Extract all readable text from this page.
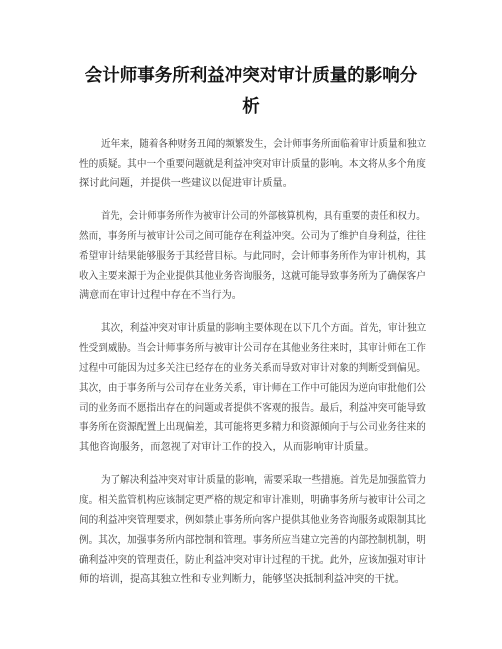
会计师事务所利益冲突对审计质量的影响分
析

近年来，随着各种财务丑闻的频繁发生，会计师事务所面临着审计质量和独立

性的质疑。其中一个重要问题就是利益冲突对审计质量的影响。本文将从多个角度

探讨此问题，并提供一些建议以促进审计质量。

首先，会计师事务所作为被审计公司的外部核算机构，具有重要的责任和权力。

然而，事务所与被审计公司之间可能存在利益冲突。公司为了维护自身利益，往往

希望审计结果能够服务于其经营目标。与此同时，会计师事务所作为审计机构，其

收入主要来源于为企业提供其他业务咨询服务，这就可能导致事务所为了确保客户

满意而在审计过程中存在不当行为。

其次，利益冲突对审计质量的影响主要体现在以下几个方面。首先，审计独立

性受到威胁。当会计师事务所与被审计公司存在其他业务往来时，其审计师在工作

过程中可能因为过多关注已经存在的业务关系而导致对审计对象的判断受到偏见。

其次，由于事务所与公司存在业务关系，审计师在工作中可能因为逆向审批他们公

司的业务而不愿指出存在的问题或者提供不客观的报告。最后，利益冲突可能导致

事务所在资源配置上出现偏差，其可能将更多精力和资源倾向于与公司业务往来的

其他咨询服务，而忽视了对审计工作的投入，从而影响审计质量。

为了解决利益冲突对审计质量的影响，需要采取一些措施。首先是加强监管力

度。相关监管机构应该制定更严格的规定和审计准则，明确事务所与被审计公司之

间的利益冲突管理要求，例如禁止事务所向客户提供其他业务咨询服务或限制其比

例。其次，加强事务所内部控制和管理。事务所应当建立完善的内部控制机制，明

确利益冲突的管理责任，防止利益冲突对审计过程的干扰。此外，应该加强对审计

师的培训，提高其独立性和专业判断力，能够坚决抵制利益冲突的干扰。
